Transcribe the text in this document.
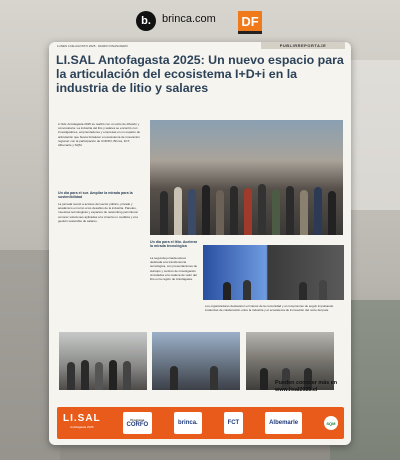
b.	brinca.com DF
LUNES 4 DE AGOSTO 2025 · DIARIO FINANCIERO	PUBLIRREPORTAJE
LI.SAL Antofagasta 2025: Un nuevo espacio para la articulación del ecosistema I+D+i en la industria de litio y salares
Li.SAL Antofagasta 2025 se realizó con un éxito de difusión y convocatoria. La industria del litio y salares se encontró con investigadores, emprendedores y empresas en un espacio de articulación que busca fortalecer el ecosistema de innovación regional, con la participación de CORFO, Brinca, FCT, Albemarle y SQM.
Un día para el sur. Ampliar la mirada para la sostenibilidad
La jornada reunió a actores del sector público, privado y académico en torno a los desafíos de la industria. Paneles, muestras tecnológicas y espacios de networking permitieron conocer soluciones aplicadas a la minería no metálica y a la gestión sostenible de salares.
Un día para el litio. Acelerar la mirada tecnológica
La segunda jornada estuvo dedicada a la transferencia tecnológica, con presentaciones de startups y centros de investigación vinculados a la cadena de valor del litio en la región de Antofagasta.
Los organizadores destacaron el interés de la comunidad y el compromiso de seguir impulsando instancias de colaboración entre la industria y el ecosistema de innovación del norte del país.
Pueden conocer más en www.lisal2025.cl
LI.SAL
Antofagasta 2025
Programa
CORFO	brinca.	FCT	Albemarle	SQM
